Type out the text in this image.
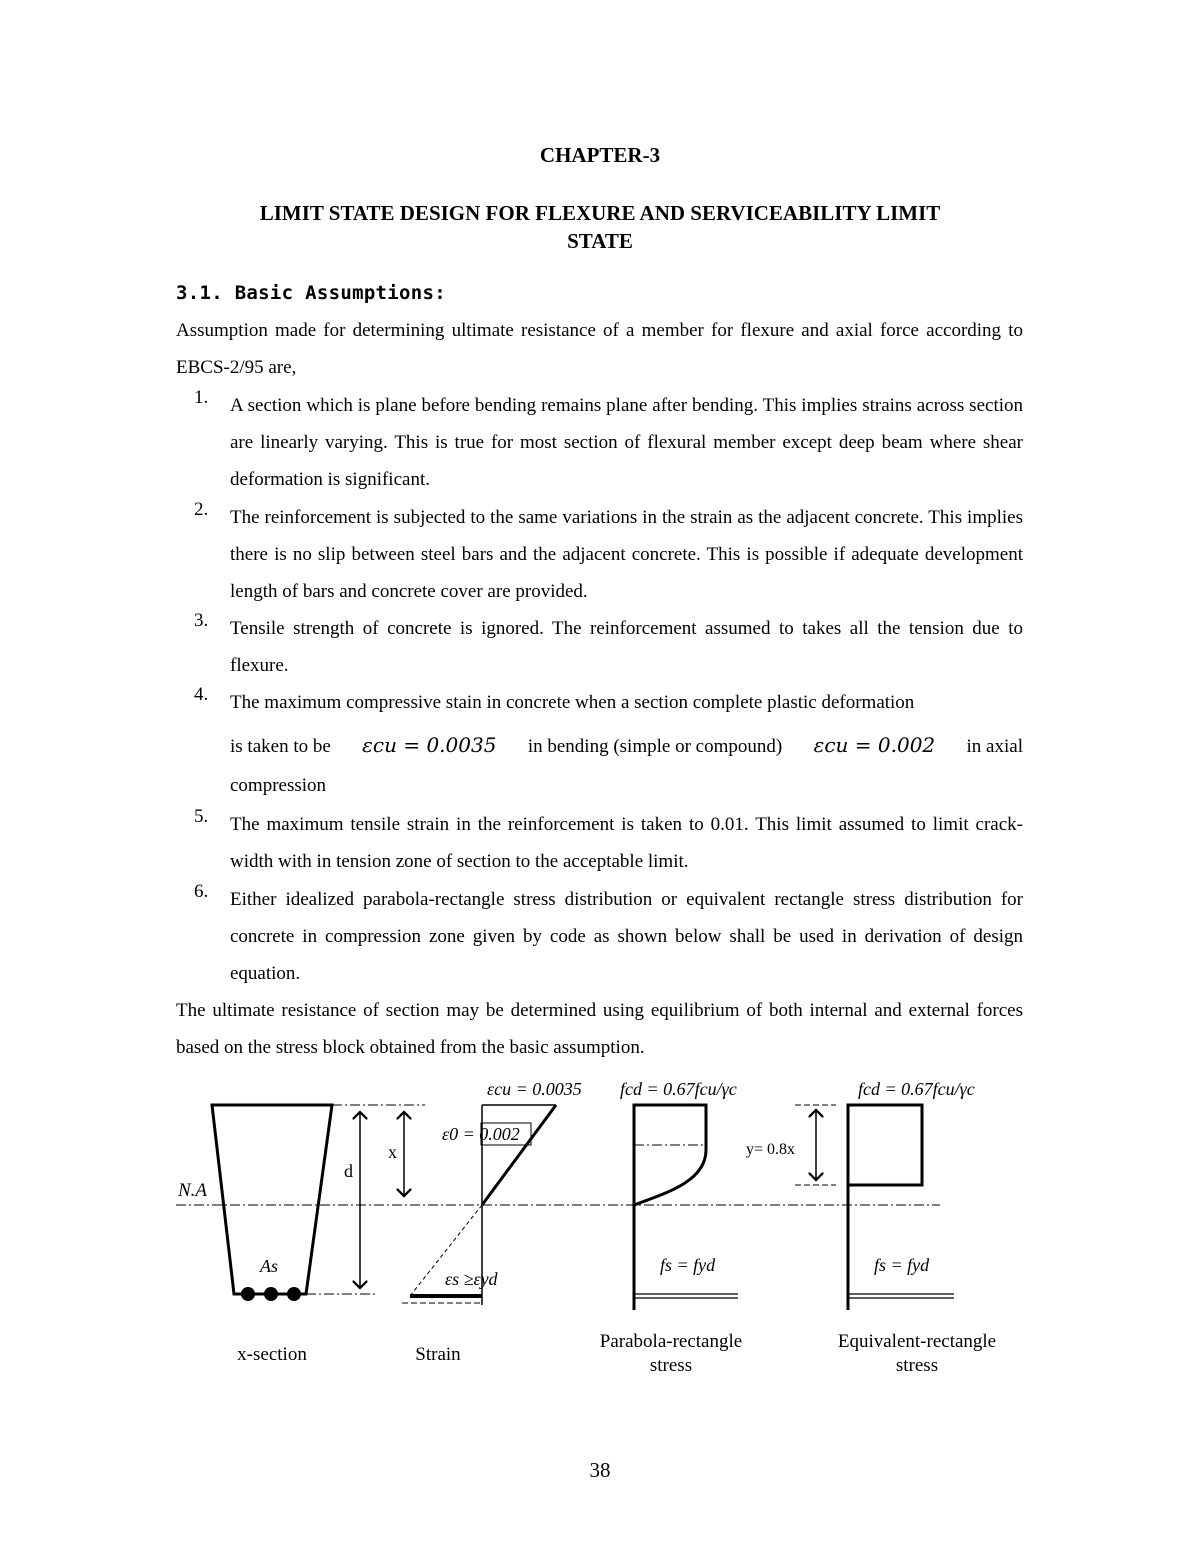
CHAPTER-3
LIMIT STATE DESIGN FOR FLEXURE AND SERVICEABILITY LIMIT
STATE
3.1. Basic Assumptions:
Assumption made for determining ultimate resistance of a member for flexure and axial force according to EBCS-2/95 are,
1.	A section which is plane before bending remains plane after bending. This implies strains across section are linearly varying. This is true for most section of flexural member except deep beam where shear deformation is significant.
2.	The reinforcement is subjected to the same variations in the strain as the adjacent concrete. This implies there is no slip between steel bars and the adjacent concrete. This is possible if adequate development length of bars and concrete cover are provided.
3.	Tensile strength of concrete is ignored. The reinforcement assumed to takes all the tension due to flexure.
4.	The maximum compressive stain in concrete when a section complete plastic deformation
is taken to be εcu = 0.0035 in bending (simple or compound) εcu = 0.002 in axial
compression
5.	The maximum tensile strain in the reinforcement is taken to 0.01. This limit assumed to limit crack-width with in tension zone of section to the acceptable limit.
6.	Either idealized parabola-rectangle stress distribution or equivalent rectangle stress distribution for concrete in compression zone given by code as shown below shall be used in derivation of design equation.
The ultimate resistance of section may be determined using equilibrium of both internal and external forces based on the stress block obtained from the basic assumption.
N.A
As
d
x
εcu = 0.0035
ε0 = 0.002
εs ≥εyd
fcd = 0.67fcu/γc
fs = fyd
y= 0.8x
fcd = 0.67fcu/γc
fs = fyd
x-section	Strain
Parabola-rectangle
stress
Equivalent-rectangle
stress
38
